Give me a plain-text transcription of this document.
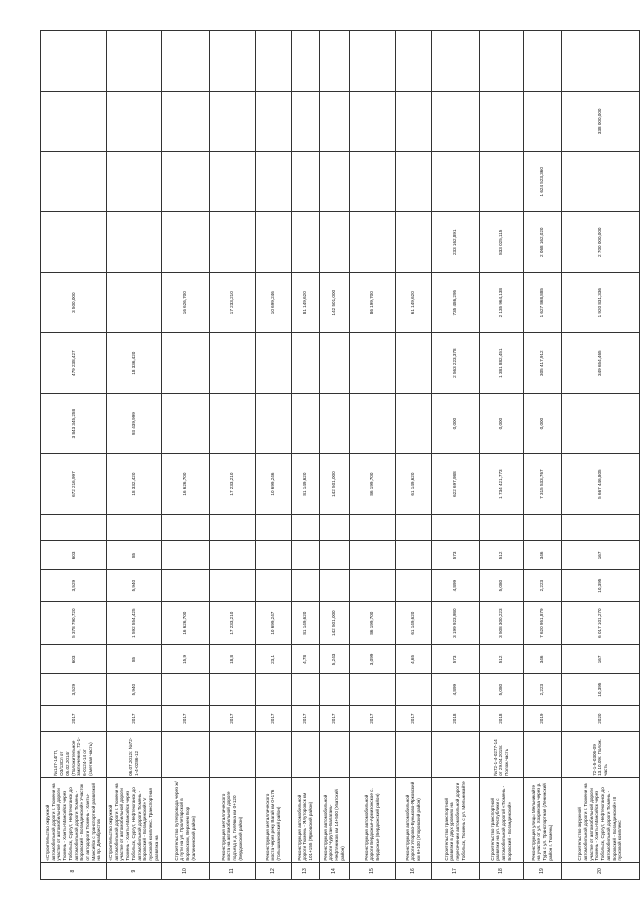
8	«Строительство окружной автомобильной дороги г. Тюмени на участке от автомобильной дороги Тюмень - Ханты-Мансийск через Тобольск, Сургут, Нефтеюганск до автомобильной дороги Тюмень - Боровский - Богандинский» Участок от автодороги Тюмень - Ханты-Мансийск с транспортной развязкой на пр. Декабристов	№147-14ГП, ОЗ/13Сп от 05.02.2014г (Положительное заключение, 72-1-6-0124-14 от (сметная часть)	2017	3,529	603	5 378 790,720	3,529	603		672 216,997	3 843 345,258	479 238,427	3 500,000				
9	«Строительство окружной автомобильной дороги г. Тюмени на участке от автомобильной дороги Тюмень - Ханты-Мансийск через Тобольск, Сургут, Нефтеюганск до автомобильной дороги Тюмень - Боровский - Богандинский» V пусковой комплекс. Транспортная развязка на	06.07.2012г. №72-1-4-0286-12	2017	5,940	85	1 592 554,425	5,940	85		18 332,420	93 439,999	18 336,420					
10	Строительство путепровода через ж/д пути на ул. Пролетарской в Боровском, Верхнем Бор (Калининский район)		2017		15,9	16 626,700				16 626,700			16 626,700				
11	Реконструкция металлического моста на автомобильной дороге подъезд к д. Гилёвка км 0+120 (Бердюжский район)		2017		18,8	17 233,210				17 233,210			17 233,210				
12	Реконструкция металлического моста через реку Вагай км 0+176 (Голышмановский район)		2017		23,1	10 699,247				10 699,246			10 699,246				
13	Реконструкция автомобильной дороги Тюмень - Ялуторовск км 101+155 (Ярковский район)		2017		4,78	81 149,620				81 149,620			81 149,620				
14	Реконструкция автомобильной дороги Чурутан-Балагань-Нефтяников км 14+500 (Уватский район)		2017		5,243	142 501,000				142 501,000			142 501,000				
15	Реконструкция автомобильной дороги Бердюжье-Армизонское с. Бердюжье (Бердюжский район)		2017		3,099	86 199,700				86 199,700			86 199,700				
16	Реконструкция автомобильной дороги Упорово-Буньково-Ярковский км 6+100 (Упоровский район)		2017		4,65	61 149,620				61 149,620			61 149,620				
17	Строительство транспортной развязки в двух уровнях на пересечении автомобильной дороги Тобольск, Тюмень с ул. Мельникайте		2018	4,899	573	3 199 923,980	4,899	573		622 697,988	0,000	2 563 223,378	735 486,295	233 162,891			
18	Строительство транспортной развязки на ул. Республики с автомобильной дорогой «Тюмень - Боровский - Богандинский»	№72-1-4-0277-14 от 29.04.2015г. Полож.часть	2018	5,080	512	3 508 300,223	5,080	512		1 734 421,773	0,000	1 381 882,451	2 135 964,138	833 025,115			
19	Реконструкция улицы Мельникайте на участке от ул. Хохрякова через р. Тура с ул. Транспортная (Ленинский район г. Тюмень)		2019	2,223	346	7 620 951,879	2,223	346		7 315 533,767	0,000	305 417,912	1 627 868,885	2 068 162,020	1 624 523,360		
20	Строительство окружной автомобильной дороги г. Тюмени на участке от автомобильной дороги Тюмень - Ханты-Мансийск через Тобольск, Сургут, Нефтеюганск до автомобильной дороги Тюмень - Боровский - Богандинский» III пусковой комплекс	72-1-5-0306-09 13.10.09г. Полож. часть	2020	10,395	167	6 017 101,270	10,395	167		5 667 446,805		349 654,465	1 920 831,336	2 700 000,000		338 000,000	
